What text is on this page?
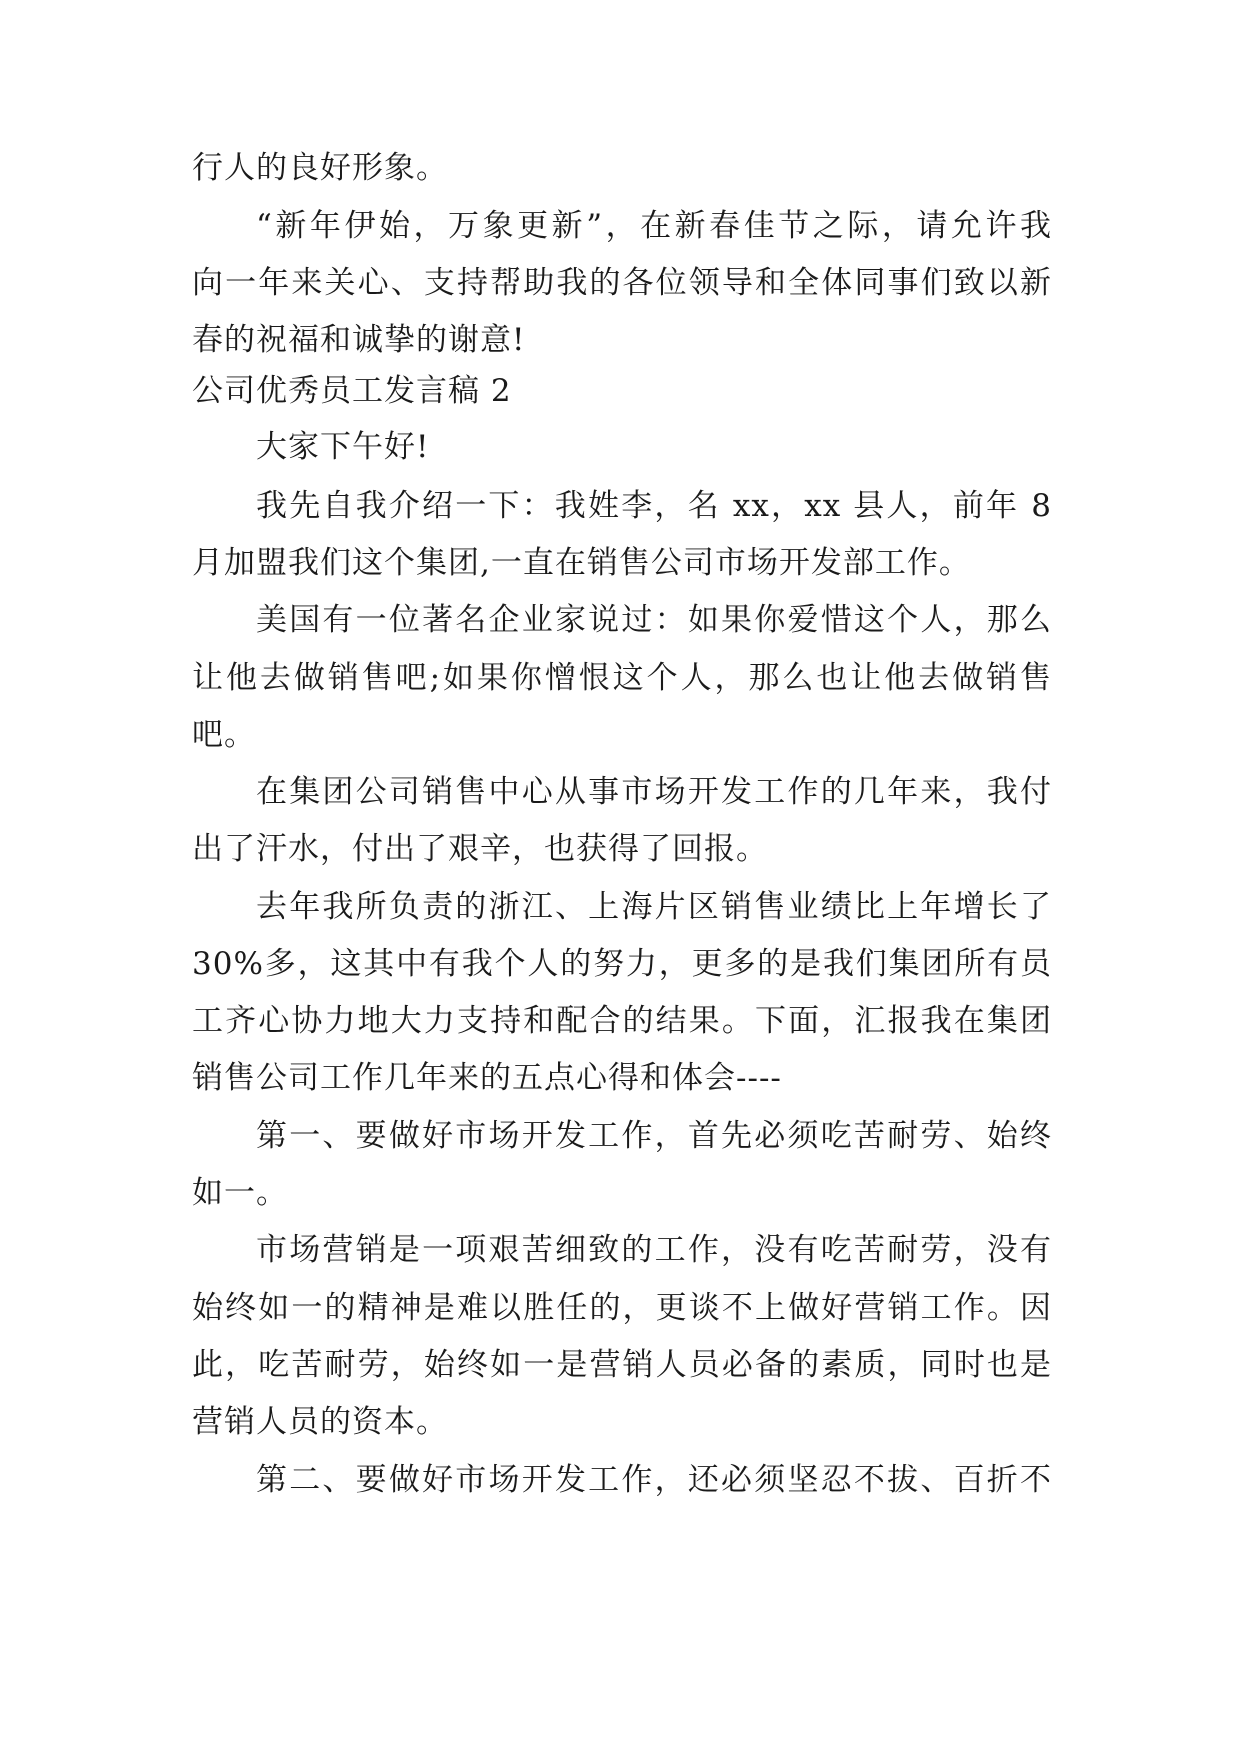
行人的良好形象。
“新年伊始，万象更新”，在新春佳节之际，请允许我
向一年来关心、支持帮助我的各位领导和全体同事们致以新
春的祝福和诚挚的谢意!
公司优秀员工发言稿 2
大家下午好!
我先自我介绍一下：我姓李，名 xx，xx 县人，前年 8
月加盟我们这个集团,一直在销售公司市场开发部工作。
美国有一位著名企业家说过：如果你爱惜这个人，那么
让他去做销售吧;如果你憎恨这个人，那么也让他去做销售
吧。
在集团公司销售中心从事市场开发工作的几年来，我付
出了汗水，付出了艰辛，也获得了回报。
去年我所负责的浙江、上海片区销售业绩比上年增长了
30%多，这其中有我个人的努力，更多的是我们集团所有员
工齐心协力地大力支持和配合的结果。下面，汇报我在集团
销售公司工作几年来的五点心得和体会----
第一、要做好市场开发工作，首先必须吃苦耐劳、始终
如一。
市场营销是一项艰苦细致的工作，没有吃苦耐劳，没有
始终如一的精神是难以胜任的，更谈不上做好营销工作。因
此，吃苦耐劳，始终如一是营销人员必备的素质，同时也是
营销人员的资本。
第二、要做好市场开发工作，还必须坚忍不拔、百折不
